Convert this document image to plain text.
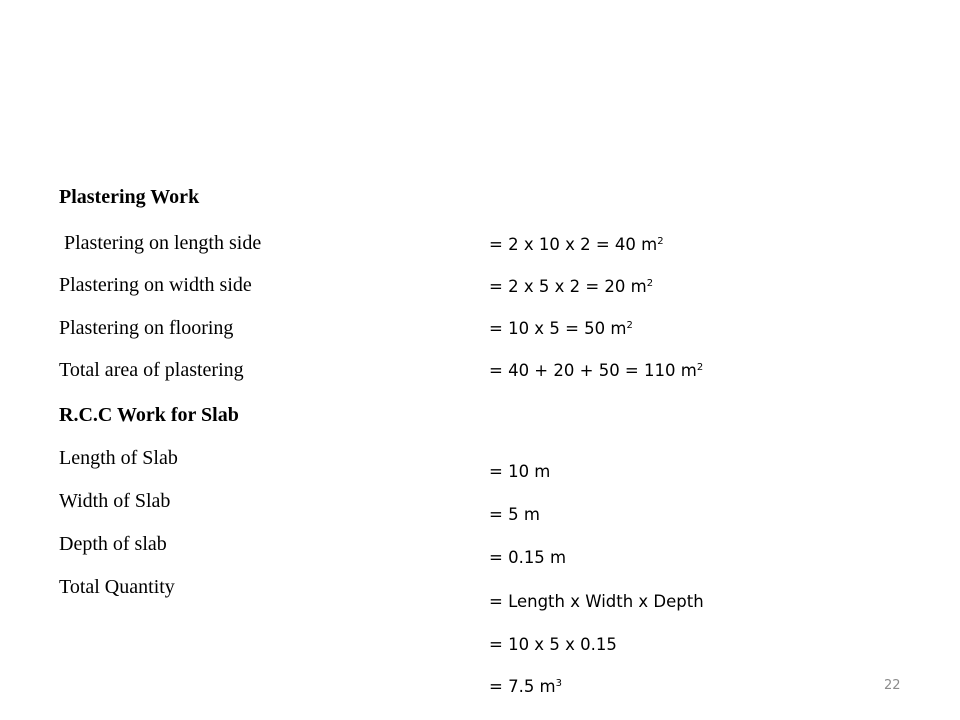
Plastering Work
Plastering on length side
Plastering on width side
Plastering on flooring
Total area of plastering
R.C.C Work for Slab
Length of Slab
Width of Slab
Depth of slab
Total Quantity
= 2 x 10 x 2 = 40 $m^2$
= 2 x 5 x 2 = 20 $m^2$
= 10 x 5 = 50 $m^2$
= 40 + 20 + 50 = 110 $m^2$
= 10 m
= 5 m
= 0.15 m
= Length x Width x Depth
= 10 x 5 x 0.15
= 7.5 $m^3$	22
